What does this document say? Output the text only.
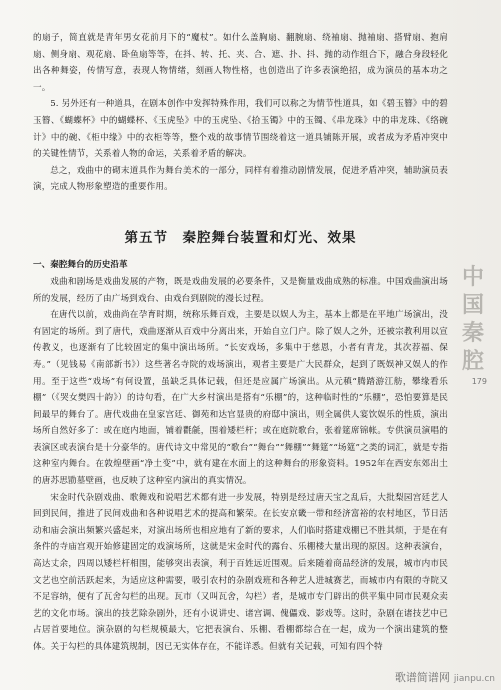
的扇子，简直就是青年男女花前月下的“魔杖”。如什么盖胸扇、翻腕扇、绕袖扇、抛袖扇、搭臂扇、抱肩扇、侧身扇、观花扇、卧鱼扇等等，在抖、转、托、夹、合、遮、扑、抖、抛的动作组合下，融合身段轻化出各种舞姿，传情写意，表现人物情绪，刻画人物性格，也创造出了许多表演绝招，成为演员的基本功之一。

5. 另外还有一种道具，在剧本创作中发挥特殊作用，我们可以称之为情节性道具，如《碧玉簪》中的碧玉簪、《蝴蝶杯》中的蝴蝶杯、《玉虎坠》中的玉虎坠、《拾玉镯》中的玉镯、《串龙珠》中的串龙珠、《络碗计》中的碗、《柜中缘》中的衣柜等等，整个戏的故事情节围绕着这一道具铺陈开展，或者成为矛盾冲突中的关键性情节，关系着人物的命运，关系着矛盾的解决。

总之，戏曲中的砌末道具作为舞台美术的一部分，同样有着推动剧情发展，促进矛盾冲突，辅助演员表演，完成人物形象塑造的重要作用。

第五节　秦腔舞台装置和灯光、效果
一、秦腔舞台的历史沿革

戏曲和剧场是戏曲发展的产物，既是戏曲发展的必要条件，又是衡量戏曲成熟的标准。中国戏曲演出场所的发展，经历了由广场到戏台、由戏台到剧院的漫长过程。

在唐代以前，戏曲尚在孕育时期，统称乐舞百戏，主要是以娱人为主，基本上都是在平地广场演出，没有固定的场所。到了唐代，戏曲逐渐从百戏中分离出来，开始自立门户。除了娱人之外，还被宗教利用以宣传教义，也逐渐有了比较固定的集中演出场所。“长安戏场，多集中于慈恩，小者有青龙，其次荐福、保寿。”（见钱易《南部新书》）这些著名寺院的戏场演出，观者主要是广大民群众，起到了既娱神又娱人的作用。至于这些“戏场”有何设置，虽缺乏具体记载，但还是应属广场演出。从元稹“腾踏游江舫，攀缘看乐棚”（《哭女樊四十韵》）的诗句看，在广大乡村演出是搭有“乐棚”的，这种临时性的“乐棚”，恐怕要算是民间最早的舞台了。唐代戏曲在皇家宫廷、御苑和达官显贵的府邸中演出，则全属供人宴饮娱乐的性质，演出场所自然好多了：或在庭内地面，铺着氍毹，围着矮栏杆；或在庭院歌台，张着筵席锦帐。专供演员演唱的表演区或表演台是十分豪华的。唐代诗文中常见的“歌台”“舞台”“舞棚”“舞筵”“场筵”之类的词汇，就是专指这种室内舞台。在敦煌壁画“净土变”中，就有建在水面上的这种舞台的形象资料。1952年在西安东郊出土的唐苏思勖墓壁画，也反映了这种室内演出的真实情况。

宋金时代杂剧戏曲、歌舞戏和说唱艺术都有进一步发展，特别是经过唐天宝之乱后，大批梨园宫廷艺人回到民间，推进了民间戏曲和各种说唱艺术的提高和繁荣。在长安京畿一带和经济富裕的农村地区，节日活动和庙会演出频繁兴盛起来，对演出场所也相应地有了新的要求，人们临时搭建戏棚已不胜其烦，于是在有条件的寺庙宫观开始修建固定的戏演场所，这就是宋金时代的露台、乐棚楼大量出现的原因。这种表演台，高达丈余，四周以矮栏杆相围，能够突出表演，利于百姓远近围观。后来随着商品经济的发展，城市内市民文艺也空前活跃起来，为适应这种需要，吸引农村的杂剧戏班和各种艺人进城赛艺，而城市内有限的寺院又不足容纳，便有了瓦舍勾栏的出现。瓦市（又叫瓦舍，勾栏）者，是城市专门辟出的供平集中同市民观众卖艺的文化市场。演出的技艺除杂剧外，还有小说讲史、诸宫调、傀儡戏、影戏等。这时，杂剧在诸技艺中已占居首要地位。演杂剧的勾栏规模最大，它把表演台、乐棚、看棚都综合在一起，成为一个演出建筑的整体。关于勾栏的具体建筑规制，因已无实体存在，不能详悉。但就有关记载，可知有四个特

中
国
秦
腔
179
歌谱简谱网 jianpu.cn
